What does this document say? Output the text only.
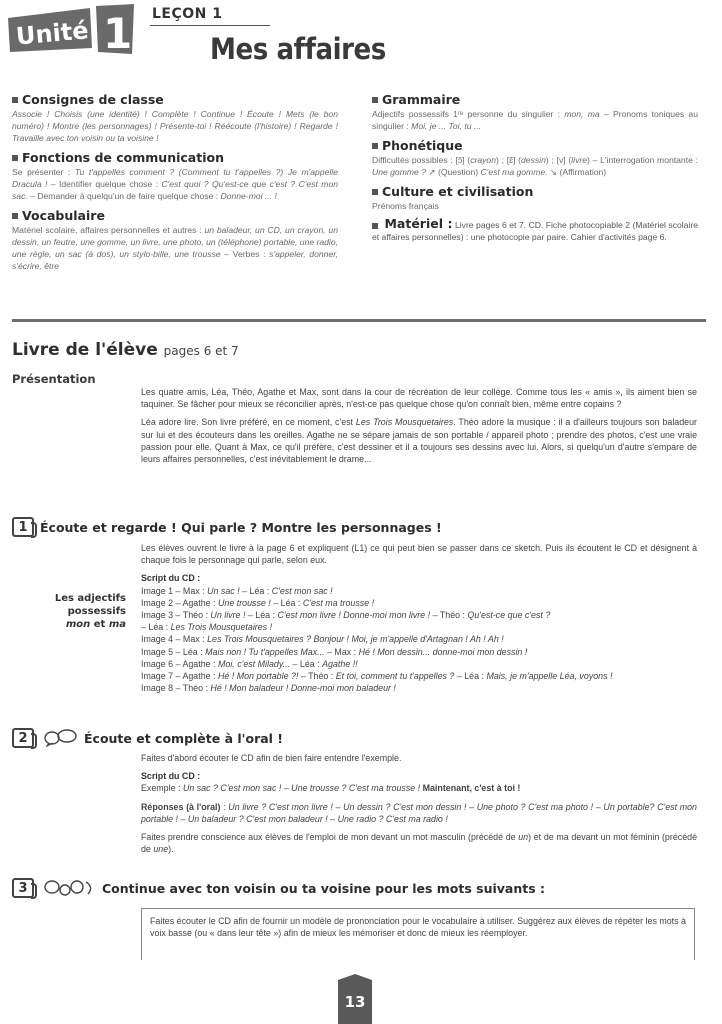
Unité 1 LEÇON 1
Mes affaires
Consignes de classe
Associe ! Choisis (une identité) ! Complète ! Continue ! Écoute ! Mets (le bon numéro) ! Montre (les personnages) ! Présente-toi ! Réécoute (l'histoire) ! Regarde ! Travaille avec ton voisin ou ta voisine !
Fonctions de communication
Se présenter : Tu t'appelles comment ? (Comment tu t'appelles ?) Je m'appelle Dracula ! – Identifier quelque chose : C'est quoi ? Qu'est-ce que c'est ? C'est mon sac. – Demander à quelqu'un de faire quelque chose : Donne-moi ... !
Vocabulaire
Matériel scolaire, affaires personnelles et autres : un baladeur, un CD, un crayon, un dessin, un feutre, une gomme, un livre, une photo, un (téléphone) portable, une radio, une règle, un sac (à dos), un stylo-bille, une trousse – Verbes : s'appeler, donner, s'écrire, être
Grammaire
Adjectifs possessifs 1ʳᵉ personne du singulier : mon, ma – Pronoms toniques au singulier : Moi, je ... Toi, tu ...
Phonétique
Difficultés possibles : [ɔ̃] (crayon) ; [ɛ̃] (dessin) ; [v] (livre) – L'interrogation montante : Une gomme ? ↗ (Question) C'est ma gomme. ↘ (Affirmation)
Culture et civilisation
Prénoms français
Matériel : Livre pages 6 et 7. CD. Fiche photocopiable 2 (Matériel scolaire et affaires personnelles) : une photocopie par paire. Cahier d'activités page 6.
Livre de l'élève pages 6 et 7
Présentation

Les quatre amis, Léa, Théo, Agathe et Max, sont dans la cour de récréation de leur collège. Comme tous les « amis », ils aiment bien se taquiner. Se fâcher pour mieux se réconcilier après, n'est-ce pas quelque chose qu'on connaît bien, même entre copains ?

Léa adore lire. Son livre préféré, en ce moment, c'est Les Trois Mousquetaires. Théo adore la musique : il a d'ailleurs toujours son baladeur sur lui et des écouteurs dans les oreilles. Agathe ne se sépare jamais de son portable / appareil photo ; prendre des photos, c'est une vraie passion pour elle. Quant à Max, ce qu'il préfère, c'est dessiner et il a toujours ses dessins avec lui. Alors, si quelqu'un d'autre s'empare de leurs affaires personnelles, c'est inévitablement le drame...

1 Écoute et regarde ! Qui parle ? Montre les personnages !

Les élèves ouvrent le livre à la page 6 et expliquent (L1) ce qui peut bien se passer dans ce sketch. Puis ils écoutent le CD et désignent à chaque fois le personnage qui parle, selon eux.

Script du CD :
Image 1 – Max : Un sac ! – Léa : C'est mon sac !
Image 2 – Agathe : Une trousse ! – Léa : C'est ma trousse !
Image 3 – Théo : Un livre ! – Léa : C'est mon livre ! Donne-moi mon livre ! – Théo : Qu'est-ce que c'est ?
– Léa : Les Trois Mousquetaires !
Image 4 – Max : Les Trois Mousquetaires ? Bonjour ! Moi, je m'appelle d'Artagnan ! Ah ! Ah !
Image 5 – Léa : Mais non ! Tu t'appelles Max... – Max : Hé ! Mon dessin... donne-moi mon dessin !
Image 6 – Agathe : Moi, c'est Milady... – Léa : Agathe !!
Image 7 – Agathe : Hé ! Mon portable ?! – Théo : Et toi, comment tu t'appelles ? – Léa : Mais, je m'appelle Léa, voyons !
Image 8 – Théo : Hé ! Mon baladeur ! Donne-moi mon baladeur !
Les adjectifs
possessifs
mon et ma
2	Écoute et complète à l'oral !

Faites d'abord écouter le CD afin de bien faire entendre l'exemple.

Script du CD :
Exemple : Un sac ? C'est mon sac ! – Une trousse ? C'est ma trousse ! Maintenant, c'est à toi !

Réponses (à l'oral) : Un livre ? C'est mon livre ! – Un dessin ? C'est mon dessin ! – Une photo ? C'est ma photo ! – Un portable? C'est mon portable ! – Un baladeur ? C'est mon baladeur ! – Une radio ? C'est ma radio !

Faites prendre conscience aux élèves de l'emploi de mon devant un mot masculin (précédé de un) et de ma devant un mot féminin (précédé de une).

3	Continue avec ton voisin ou ta voisine pour les mots suivants :
Faites écouter le CD afin de fournir un modèle de prononciation pour le vocabulaire à utiliser. Suggérez aux élèves de répéter les mots à voix basse (ou « dans leur tête ») afin de mieux les mémoriser et donc de mieux les réemployer.
13
